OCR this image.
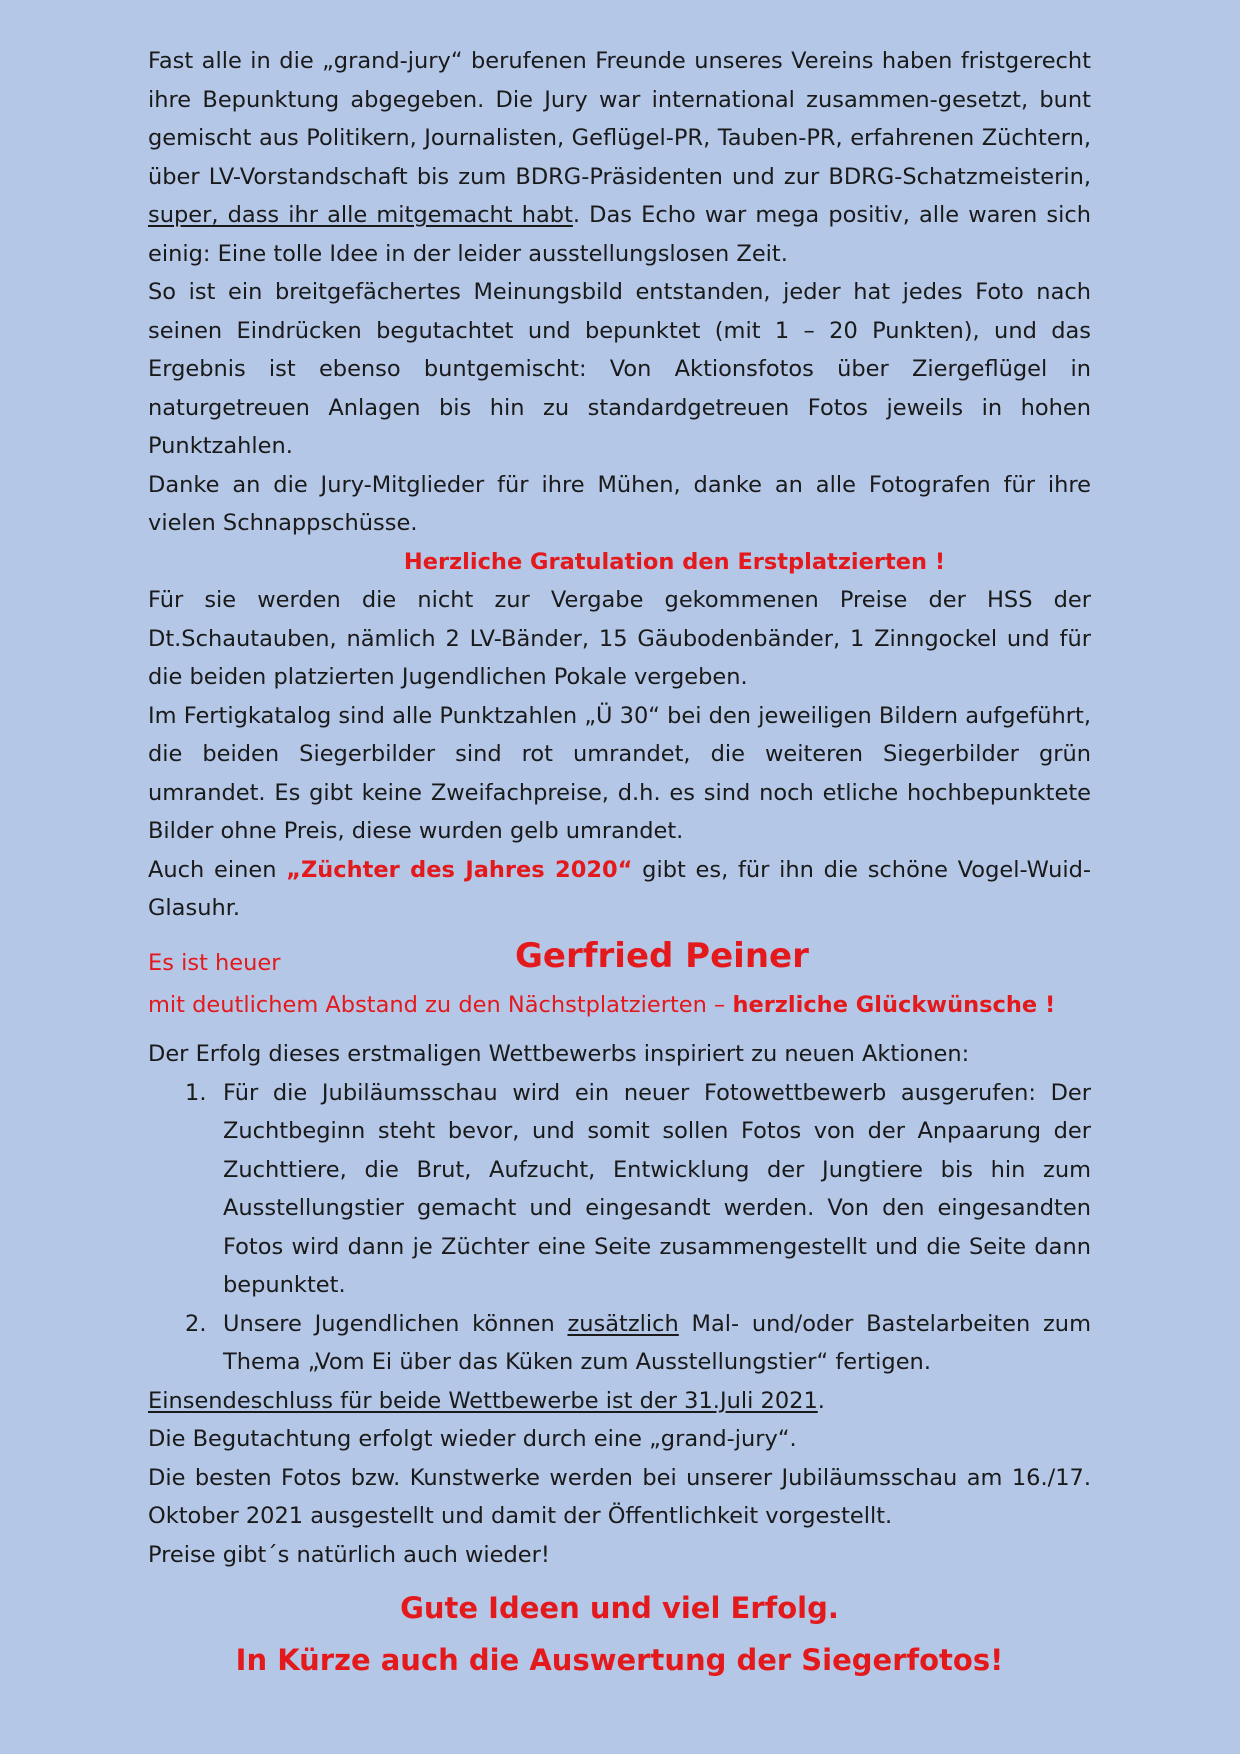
Fast alle in die „grand-jury“ berufenen Freunde unseres Vereins haben fristgerecht ihre Bepunktung abgegeben. Die Jury war international zusammen-gesetzt, bunt gemischt aus Politikern, Journalisten, Geflügel-PR, Tauben-PR, erfahrenen Züchtern, über LV-Vorstandschaft bis zum BDRG-Präsidenten und zur BDRG-Schatzmeisterin, super, dass ihr alle mitgemacht habt. Das Echo war mega positiv, alle waren sich einig: Eine tolle Idee in der leider ausstellungslosen Zeit.

So ist ein breitgefächertes Meinungsbild entstanden, jeder hat jedes Foto nach seinen Eindrücken begutachtet und bepunktet (mit 1 – 20 Punkten), und das Ergebnis ist ebenso buntgemischt: Von Aktionsfotos über Ziergeflügel in naturgetreuen Anlagen bis hin zu standardgetreuen Fotos jeweils in hohen Punktzahlen.

Danke an die Jury-Mitglieder für ihre Mühen, danke an alle Fotografen für ihre vielen Schnappschüsse.

Herzliche Gratulation den Erstplatzierten !

Für sie werden die nicht zur Vergabe gekommenen Preise der HSS der Dt.Schautauben, nämlich 2 LV-Bänder, 15 Gäubodenbänder, 1 Zinngockel und für die beiden platzierten Jugendlichen Pokale vergeben.

Im Fertigkatalog sind alle Punktzahlen „Ü 30“ bei den jeweiligen Bildern aufgeführt, die beiden Siegerbilder sind rot umrandet, die weiteren Siegerbilder grün umrandet. Es gibt keine Zweifachpreise, d.h. es sind noch etliche hochbepunktete Bilder ohne Preis, diese wurden gelb umrandet.

Auch einen „Züchter des Jahres 2020“ gibt es, für ihn die schöne Vogel-Wuid-Glasuhr.

Es ist heuer	Gerfried Peiner

mit deutlichem Abstand zu den Nächstplatzierten – herzliche Glückwünsche !

Der Erfolg dieses erstmaligen Wettbewerbs inspiriert zu neuen Aktionen:

1. Für die Jubiläumsschau wird ein neuer Fotowettbewerb ausgerufen: Der Zuchtbeginn steht bevor, und somit sollen Fotos von der Anpaarung der Zuchttiere, die Brut, Aufzucht, Entwicklung der Jungtiere bis hin zum Ausstellungstier gemacht und eingesandt werden. Von den eingesandten Fotos wird dann je Züchter eine Seite zusammengestellt und die Seite dann bepunktet.
2. Unsere Jugendlichen können zusätzlich Mal- und/oder Bastelarbeiten zum Thema „Vom Ei über das Küken zum Ausstellungstier“ fertigen.

Einsendeschluss für beide Wettbewerbe ist der 31.Juli 2021.

Die Begutachtung erfolgt wieder durch eine „grand-jury“.

Die besten Fotos bzw. Kunstwerke werden bei unserer Jubiläumsschau am 16./17. Oktober 2021 ausgestellt und damit der Öffentlichkeit vorgestellt.

Preise gibt´s natürlich auch wieder!

Gute Ideen und viel Erfolg.

In Kürze auch die Auswertung der Siegerfotos!
